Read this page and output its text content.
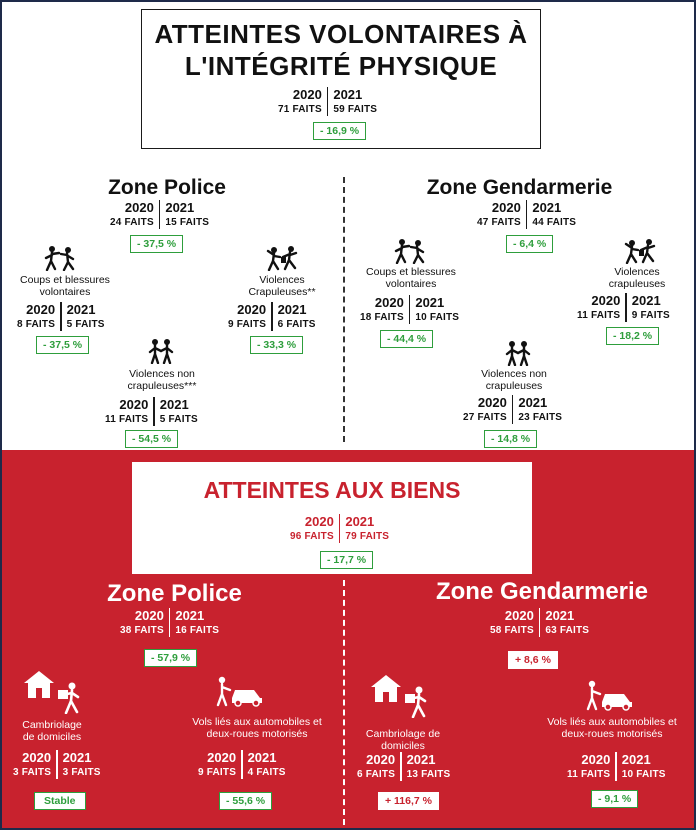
ATTEINTES VOLONTAIRES À
L'INTÉGRITÉ PHYSIQUE
2020
71 FAITS
2021
59 FAITS
- 16,9 %
Zone Police
2020
24 FAITS
2021
15 FAITS
- 37,5 %
Coups et blessures
volontaires
2020
8 FAITS
2021
5 FAITS
- 37,5 %
Violences
Crapuleuses**
2020
9 FAITS
2021
6 FAITS
- 33,3 %
Violences non
crapuleuses***
2020
11 FAITS
2021
5 FAITS
- 54,5 %
Zone Gendarmerie
2020
47 FAITS
2021
44 FAITS
- 6,4 %
Coups et blessures
volontaires
2020
18 FAITS
2021
10 FAITS
- 44,4 %
Violences
crapuleuses
2020
11 FAITS
2021
9 FAITS
- 18,2 %
Violences non
crapuleuses
2020
27 FAITS
2021
23 FAITS
- 14,8 %
ATTEINTES AUX BIENS
2020
96 FAITS
2021
79 FAITS
- 17,7 %
Zone Police
2020
38 FAITS
2021
16 FAITS
- 57,9 %
Cambriolage
de domiciles
2020
3 FAITS
2021
3 FAITS
Stable
Vols liés aux automobiles et
deux-roues motorisés
2020
9 FAITS
2021
4 FAITS
- 55,6 %
Zone Gendarmerie
2020
58 FAITS
2021
63 FAITS
+ 8,6 %
Cambriolage de
domiciles
2020
6 FAITS
2021
13 FAITS
+ 116,7 %
Vols liés aux automobiles et
deux-roues motorisés
2020
11 FAITS
2021
10 FAITS
- 9,1 %
